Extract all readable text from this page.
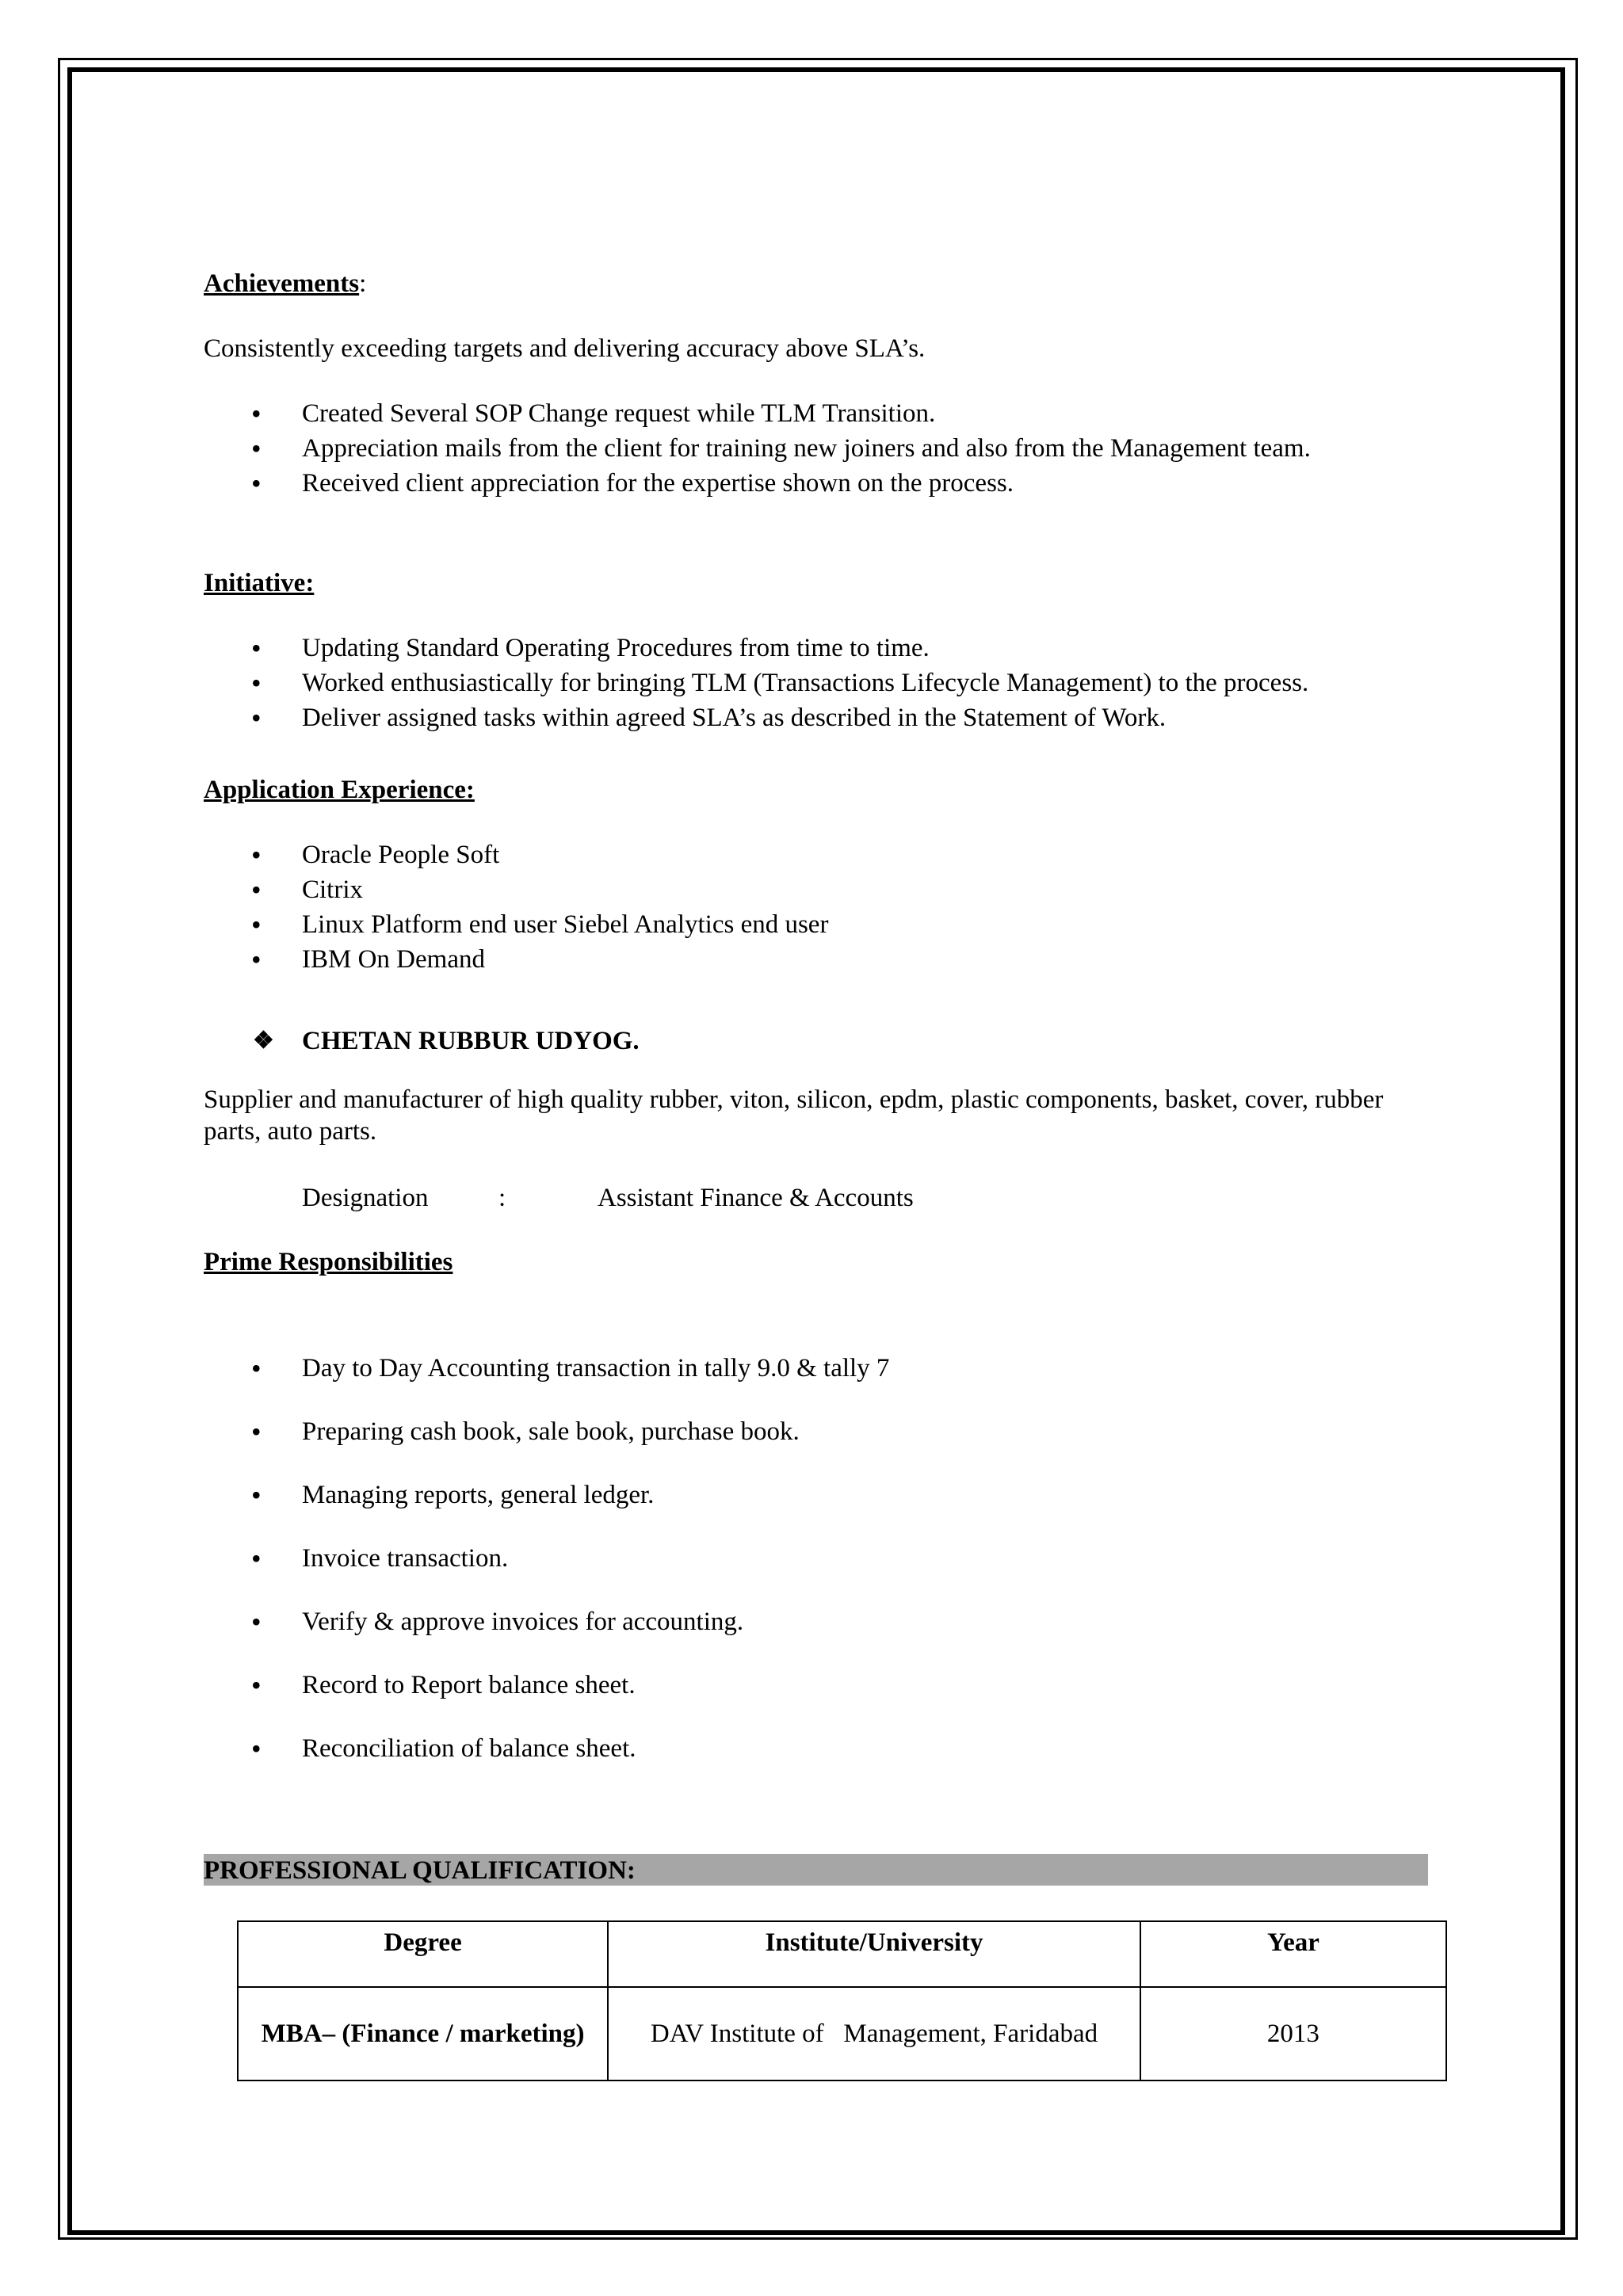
Achievements:
Consistently exceeding targets and delivering accuracy above SLA’s.
• Created Several SOP Change request while TLM Transition.
• Appreciation mails from the client for training new joiners and also from the Management team.
• Received client appreciation for the expertise shown on the process.
Initiative:
• Updating Standard Operating Procedures from time to time.
• Worked enthusiastically for bringing TLM (Transactions Lifecycle Management) to the process.
• Deliver assigned tasks within agreed SLA’s as described in the Statement of Work.
Application Experience:
• Oracle People Soft
• Citrix
• Linux Platform end user Siebel Analytics end user
• IBM On Demand
❖ CHETAN RUBBUR UDYOG.
Supplier and manufacturer of high quality rubber, viton, silicon, epdm, plastic components, basket, cover, rubber parts, auto parts.
Designation	:	Assistant Finance & Accounts
Prime Responsibilities
• Day to Day Accounting transaction in tally 9.0 & tally 7
• Preparing cash book, sale book, purchase book.
• Managing reports, general ledger.
• Invoice transaction.
• Verify & approve invoices for accounting.
• Record to Report balance sheet.
• Reconciliation of balance sheet.
PROFESSIONAL QUALIFICATION:
Degree	Institute/University	Year
MBA– (Finance / marketing)	DAV Institute of   Management, Faridabad	2013
